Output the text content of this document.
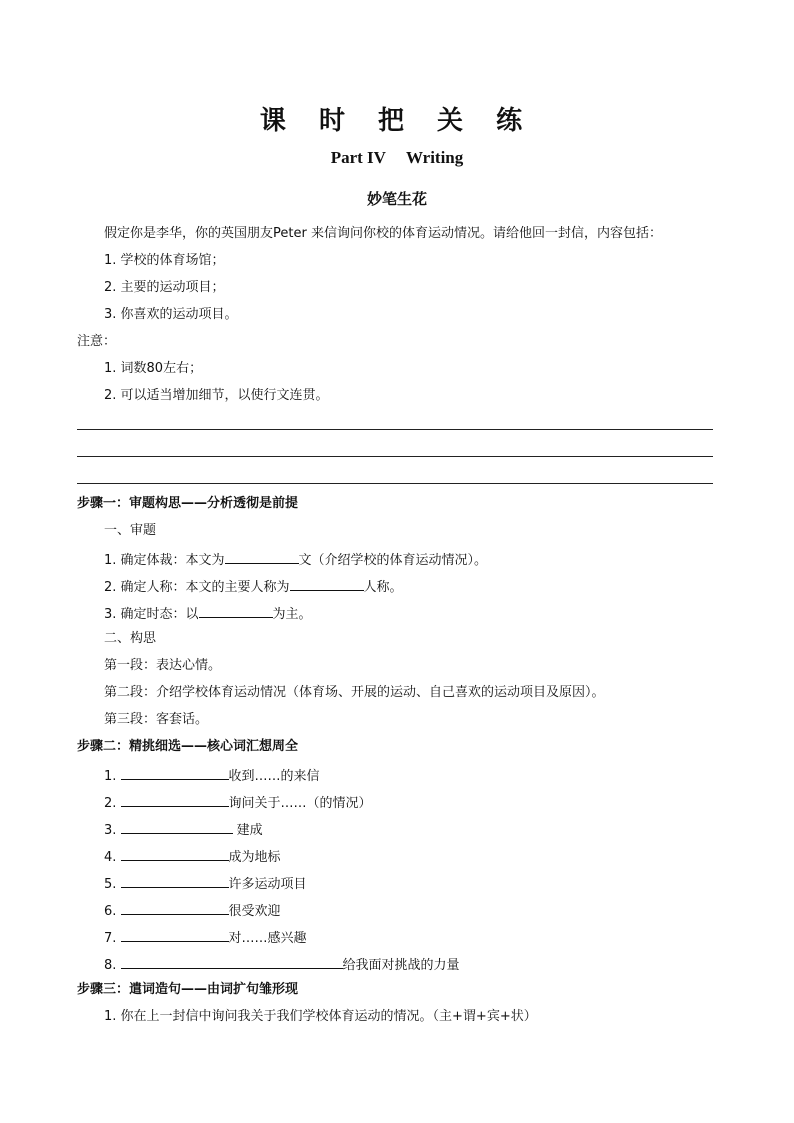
课 时 把 关 练
Part IV Writing
妙笔生花
假定你是李华，你的英国朋友Peter 来信询问你校的体育运动情况。请给他回一封信，内容包括：
1. 学校的体育场馆；
2. 主要的运动项目；
3. 你喜欢的运动项目。
注意：
1. 词数80左右；
2. 可以适当增加细节，以使行文连贯。
步骤一：审题构思——分析透彻是前提
一、审题
1. 确定体裁：本文为	文（介绍学校的体育运动情况）。
2. 确定人称：本文的主要人称为	人称。
3. 确定时态：以	为主。
二、构思
第一段：表达心情。
第二段：介绍学校体育运动情况（体育场、开展的运动、自己喜欢的运动项目及原因）。
第三段：客套话。
步骤二：精挑细选——核心词汇想周全
1.	收到……的来信
2.	询问关于……（的情况）
3.	建成
4.	成为地标
5.	许多运动项目
6.	很受欢迎
7.	对……感兴趣
8.	给我面对挑战的力量
步骤三：遣词造句——由词扩句雏形现
1. 你在上一封信中询问我关于我们学校体育运动的情况。（主+谓+宾+状）
